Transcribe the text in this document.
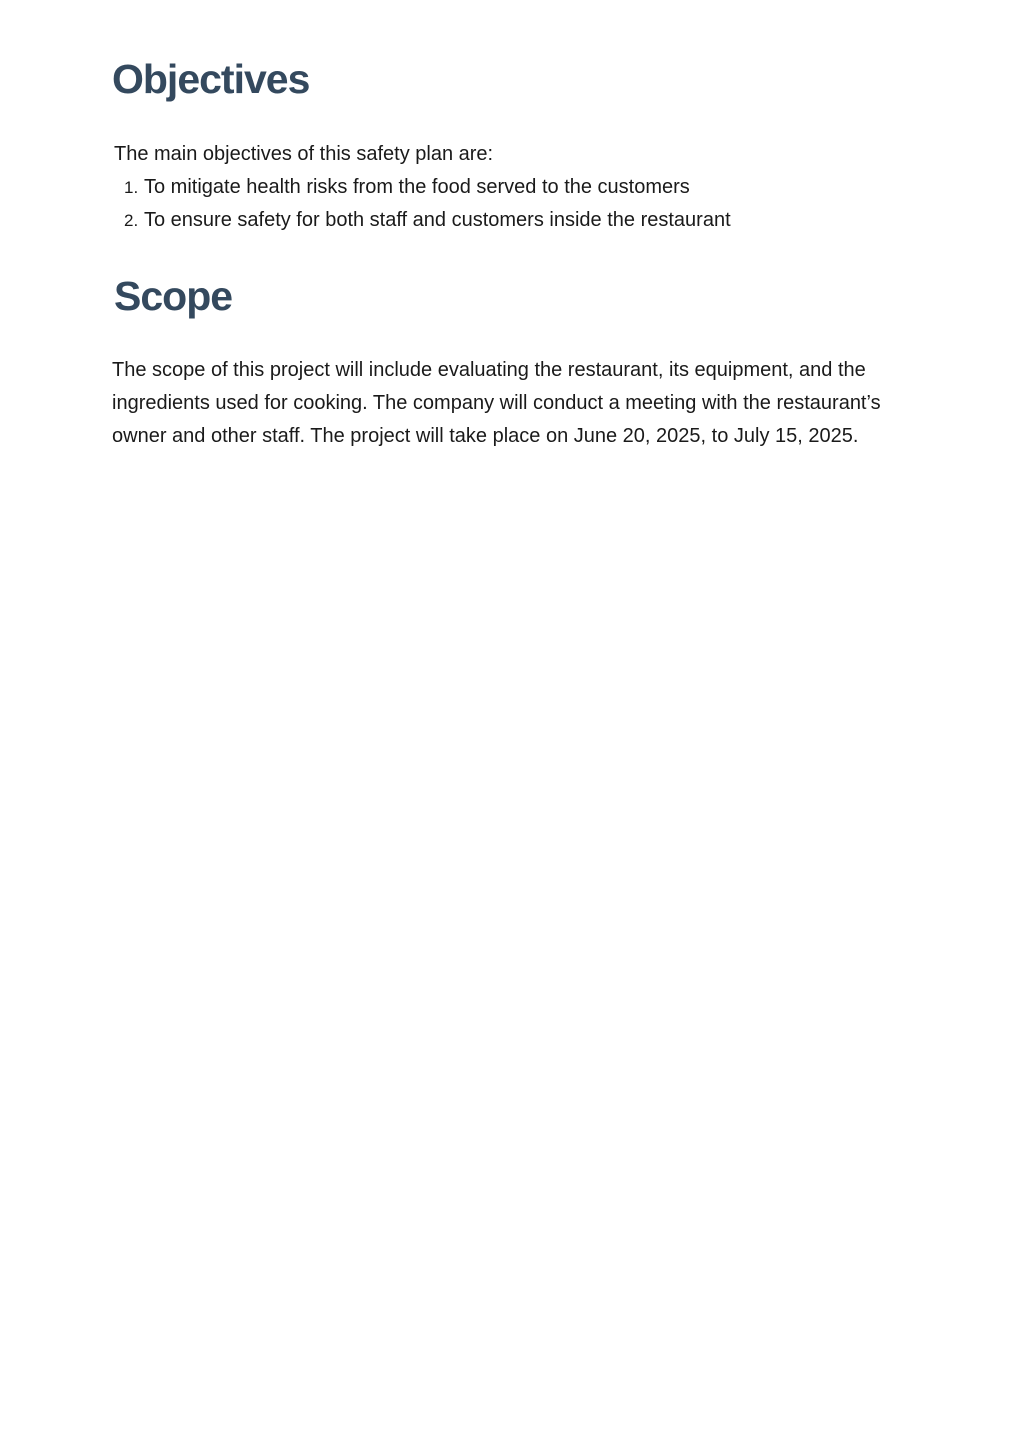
Objectives

The main objectives of this safety plan are:

1. To mitigate health risks from the food served to the customers
2. To ensure safety for both staff and customers inside the restaurant
Scope

The scope of this project will include evaluating the restaurant, its equipment, and the ingredients used for cooking. The company will conduct a meeting with the restaurant’s owner and other staff. The project will take place on June 20, 2025, to July 15, 2025.
